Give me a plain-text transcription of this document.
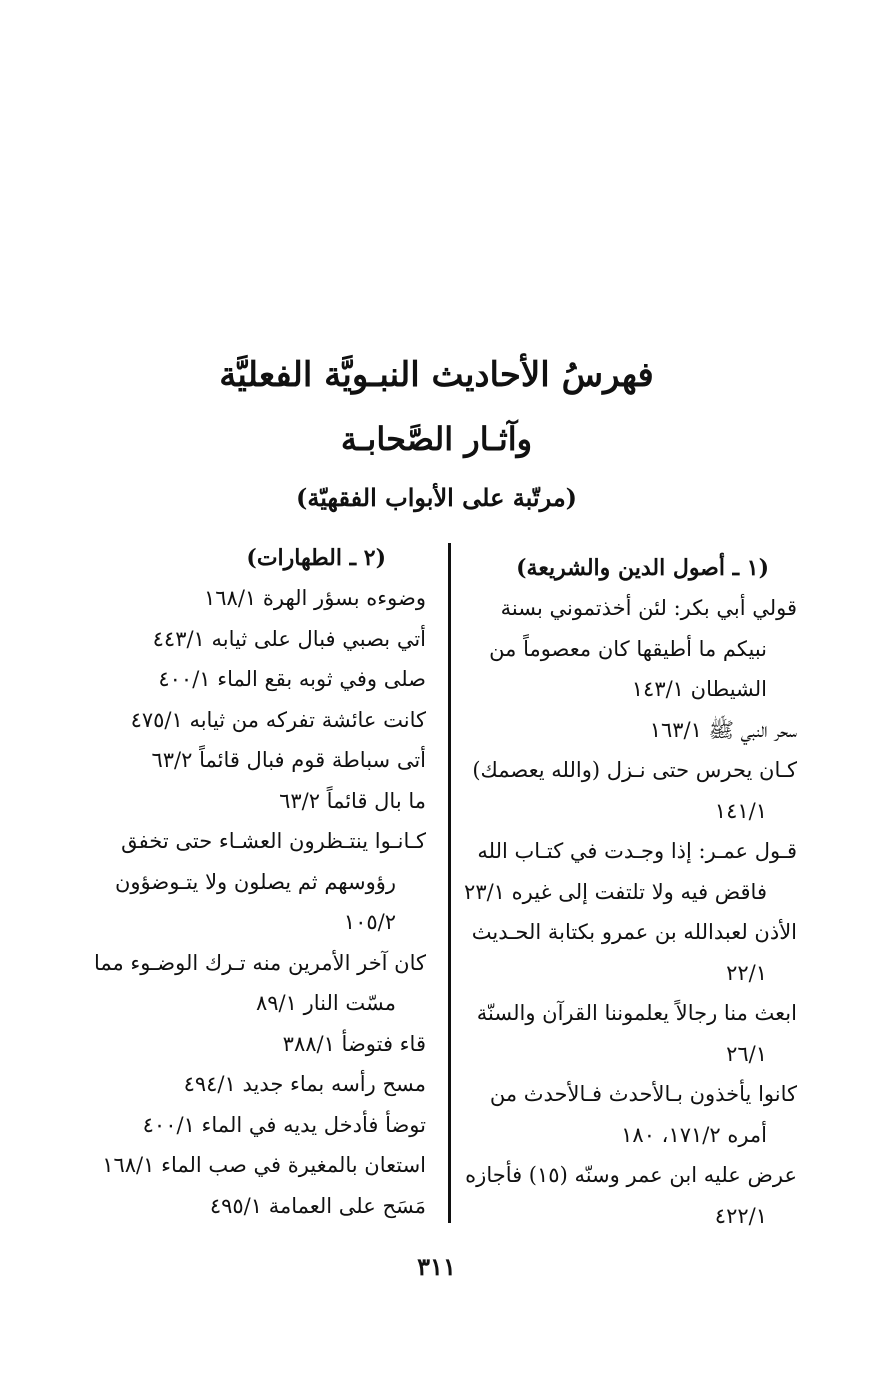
فهرسُ الأحاديث النبـويَّة الفعليَّة
وآثـار الصَّحابـة
(مرتّبة على الأبواب الفقهيّة)
(١ ـ أصول الدين والشريعة)
قولي أبي بكر: لئن أخذتموني بسنة نبيكم ما أطيقها كان معصوماً من الشيطان ١٤٣/١
سحر النبي ﷺ ١٦٣/١
كـان يحرس حتى نـزل (والله يعصمك) ١٤١/١
قـول عمـر: إذا وجـدت في كتـاب الله فاقض فيه ولا تلتفت إلى غيره ٢٣/١
الأذن لعبدالله بن عمرو بكتابة الحـديث ٢٢/١
ابعث منا رجالاً يعلموننا القرآن والسنّة ٢٦/١
كانوا يأخذون بـالأحدث فـالأحدث من أمره ١٧١/٢، ١٨٠
عرض عليه ابن عمر وسنّه (١٥) فأجازه ٤٢٢/١
(٢ ـ الطهارات)
وضوءه بسؤر الهرة ١٦٨/١
أتي بصبي فبال على ثيابه ٤٤٣/١
صلى وفي ثوبه بقع الماء ٤٠٠/١
كانت عائشة تفركه من ثيابه ٤٧٥/١
أتى سباطة قوم فبال قائماً ٦٣/٢
ما بال قائماً ٦٣/٢
كـانـوا ينتـظرون العشـاء حتى تخفق رؤوسهم ثم يصلون ولا يتـوضؤون ١٠٥/٢
كان آخر الأمرين منه تـرك الوضـوء مما مسّت النار ٨٩/١
قاء فتوضأ ٣٨٨/١
مسح رأسه بماء جديد ٤٩٤/١
توضأ فأدخل يديه في الماء ٤٠٠/١
استعان بالمغيرة في صب الماء ١٦٨/١
مَسَح على العمامة ٤٩٥/١
٣١١
